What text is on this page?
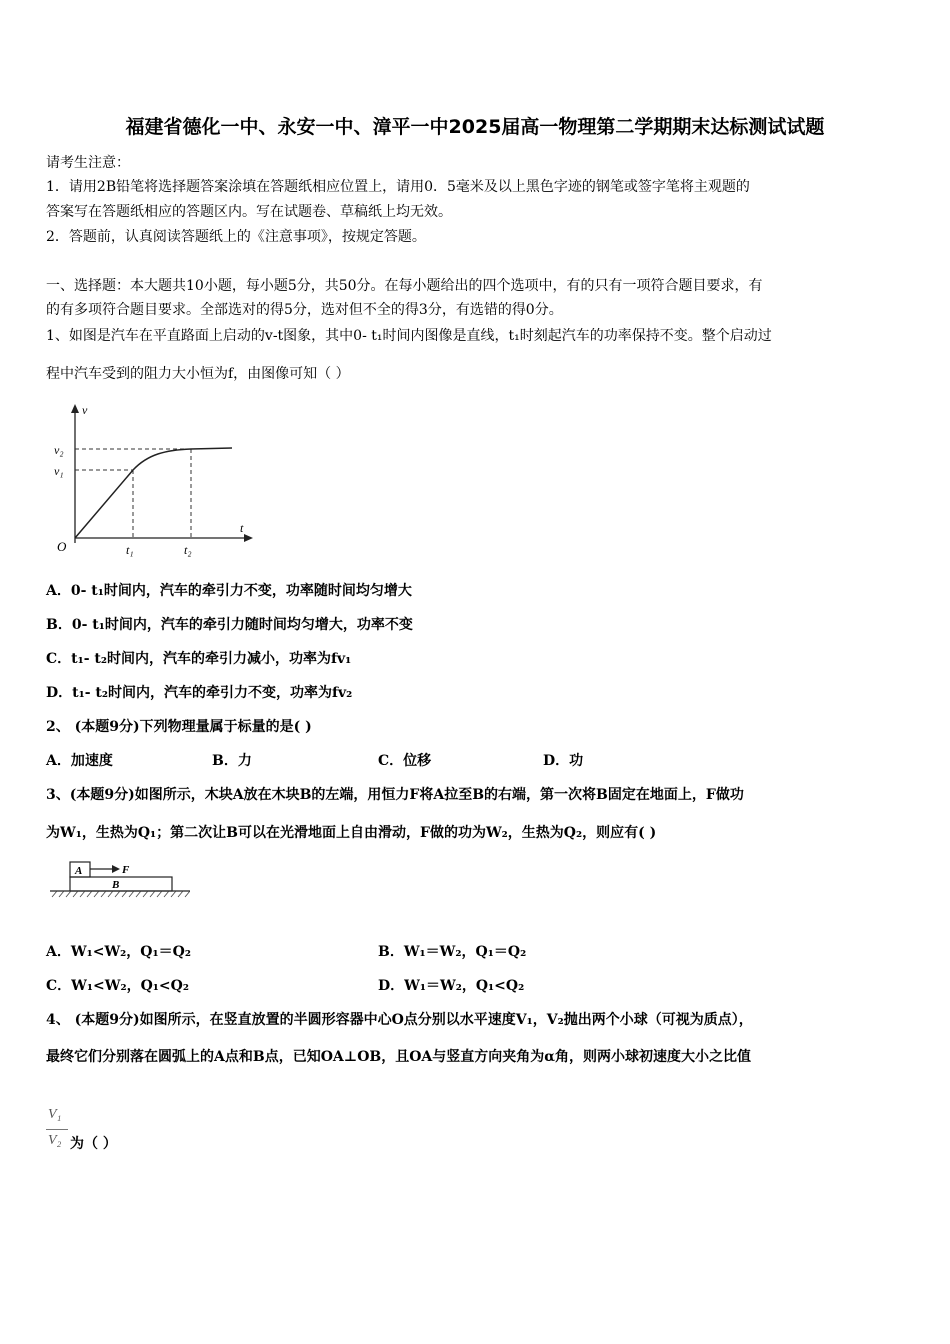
福建省德化一中、永安一中、漳平一中2025届高一物理第二学期期末达标测试试题
请考生注意：
1．请用2B铅笔将选择题答案涂填在答题纸相应位置上，请用0．5毫米及以上黑色字迹的钢笔或签字笔将主观题的
答案写在答题纸相应的答题区内。写在试题卷、草稿纸上均无效。
2．答题前，认真阅读答题纸上的《注意事项》，按规定答题。
一、选择题：本大题共10小题，每小题5分，共50分。在每小题给出的四个选项中，有的只有一项符合题目要求，有
的有多项符合题目要求。全部选对的得5分，选对但不全的得3分，有选错的得0分。
1、如图是汽车在平直路面上启动的v-t图象，其中0- t₁时间内图像是直线，t₁时刻起汽车的功率保持不变。整个启动过
程中汽车受到的阻力大小恒为f，由图像可知（ ）
v
t
O
v₂
v₁
t₁	t₂
A．0- t₁时间内，汽车的牵引力不变，功率随时间均匀增大
B．0- t₁时间内，汽车的牵引力随时间均匀增大，功率不变
C．t₁- t₂时间内，汽车的牵引力减小，功率为fv₁
D．t₁- t₂时间内，汽车的牵引力不变，功率为fv₂
2、 (本题9分)下列物理量属于标量的是( )
A．加速度	B．力	C．位移	D．功
3、(本题9分)如图所示，木块A放在木块B的左端，用恒力F将A拉至B的右端，第一次将B固定在地面上，F做功
为W₁，生热为Q₁；第二次让B可以在光滑地面上自由滑动，F做的功为W₂，生热为Q₂，则应有( )
A
B
F
A．W₁<W₂，Q₁＝Q₂	B．W₁＝W₂，Q₁＝Q₂
C．W₁<W₂，Q₁<Q₂	D．W₁＝W₂，Q₁<Q₂
4、 (本题9分)如图所示，在竖直放置的半圆形容器中心O点分别以水平速度V₁，V₂抛出两个小球（可视为质点），
最终它们分别落在圆弧上的A点和B点，已知OA⊥OB，且OA与竖直方向夹角为α角，则两小球初速度大小之比值
V₁
V₂ 为（ ）
